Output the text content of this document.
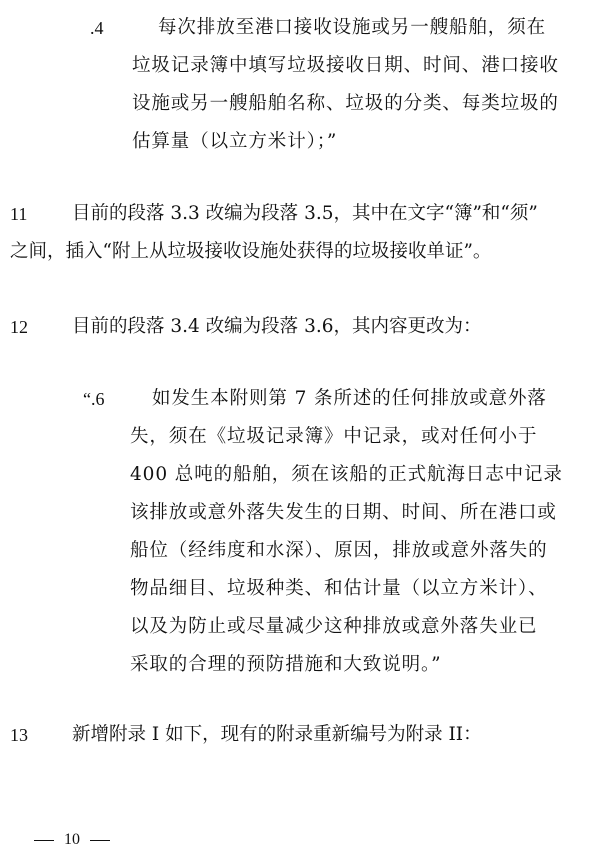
.4	每次排放至港口接收设施或另一艘船舶，须在
垃圾记录簿中填写垃圾接收日期、时间、港口接收
设施或另一艘船舶名称、垃圾的分类、每类垃圾的
估算量（以立方米计）；”
11 目前的段落 3.3 改编为段落 3.5，其中在文字“簿”和“须”
之间，插入“附上从垃圾接收设施处获得的垃圾接收单证”。
12 目前的段落 3.4 改编为段落 3.6，其内容更改为：
“.6	如发生本附则第 7 条所述的任何排放或意外落
失，须在《垃圾记录簿》中记录，或对任何小于
400 总吨的船舶，须在该船的正式航海日志中记录
该排放或意外落失发生的日期、时间、所在港口或
船位（经纬度和水深）、原因，排放或意外落失的
物品细目、垃圾种类、和估计量（以立方米计）、
以及为防止或尽量减少这种排放或意外落失业已
采取的合理的预防措施和大致说明。”
13 新增附录 I 如下，现有的附录重新编号为附录 II：
10
